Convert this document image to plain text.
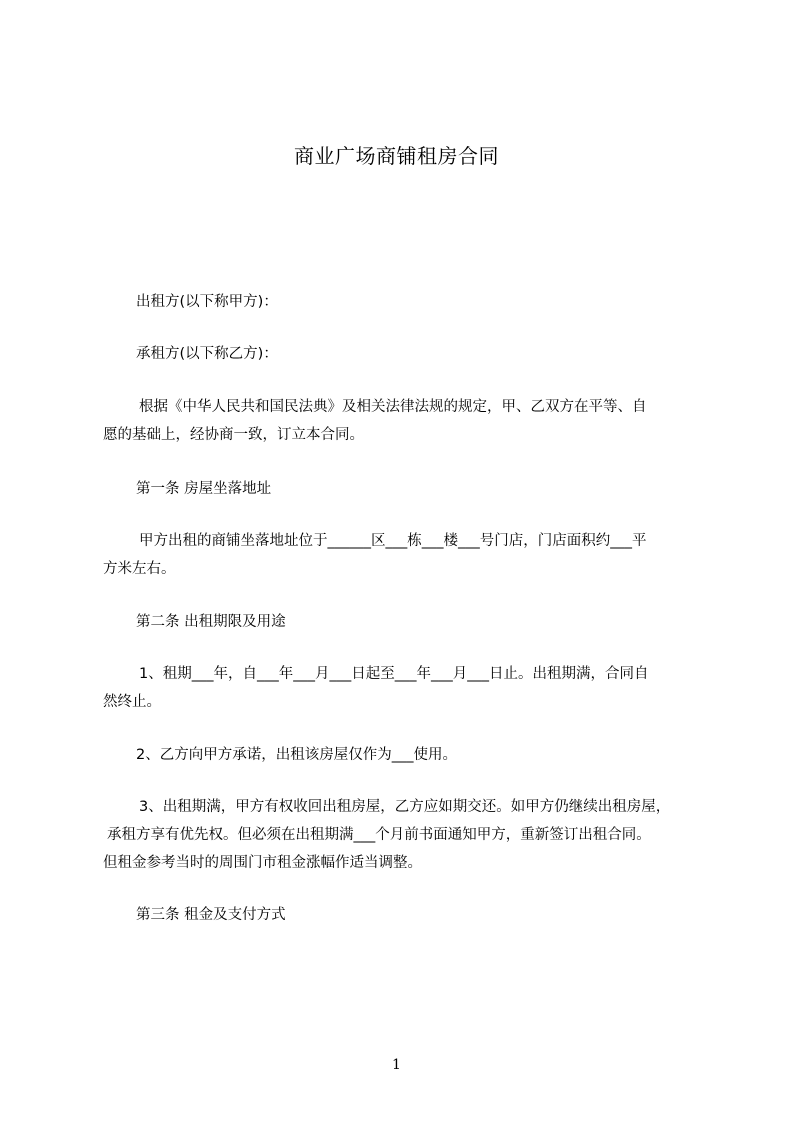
商业广场商铺租房合同
出租方(以下称甲方)：
承租方(以下称乙方)：
根据《中华人民共和国民法典》及相关法律法规的规定，甲、乙双方在平等、自
愿的基础上，经协商一致，订立本合同。
第一条 房屋坐落地址
甲方出租的商铺坐落地址位于______区___栋___楼___号门店，门店面积约___平
方米左右。
第二条 出租期限及用途
1、租期___年，自___年___月___日起至___年___月___日止。出租期满，合同自
然终止。
2、乙方向甲方承诺，出租该房屋仅作为___使用。
3、出租期满，甲方有权收回出租房屋，乙方应如期交还。如甲方仍继续出租房屋，
承租方享有优先权。但必须在出租期满___个月前书面通知甲方，重新签订出租合同。
但租金参考当时的周围门市租金涨幅作适当调整。
第三条 租金及支付方式
1
